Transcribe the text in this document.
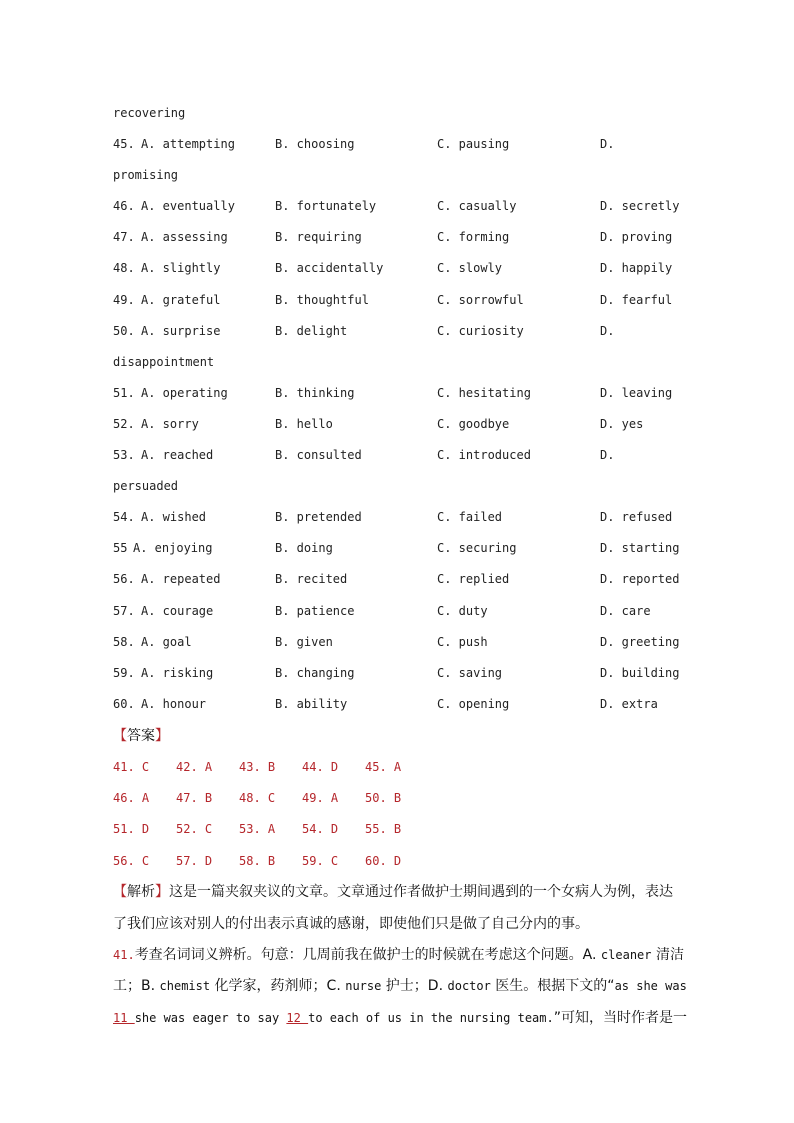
recovering
45. A. attempting	B. choosing	C. pausing	D.
promising
46. A. eventually	B. fortunately	C. casually	D. secretly
47. A. assessing	B. requiring	C. forming	D. proving
48. A. slightly	B. accidentally	C. slowly	D. happily
49. A. grateful	B. thoughtful	C. sorrowful	D. fearful
50. A. surprise	B. delight	C. curiosity	D.
disappointment
51. A. operating	B. thinking	C. hesitating	D. leaving
52. A. sorry	B. hello	C. goodbye	D. yes
53. A. reached	B. consulted	C. introduced	D.
persuaded
54. A. wished	B. pretended	C. failed	D. refused
55 A. enjoying	B. doing	C. securing	D. starting
56. A. repeated	B. recited	C. replied	D. reported
57. A. courage	B. patience	C. duty	D. care
58. A. goal	B. given	C. push	D. greeting
59. A. risking	B. changing	C. saving	D. building
60. A. honour	B. ability	C. opening	D. extra
【答案】
41. C 42. A 43. B 44. D 45. A
46. A 47. B 48. C 49. A 50. B
51. D 52. C 53. A 54. D 55. B
56. C 57. D 58. B 59. C 60. D
【解析】这是一篇夹叙夹议的文章。文章通过作者做护士期间遇到的一个女病人为例，表达
了我们应该对别人的付出表示真诚的感谢，即使他们只是做了自己分内的事。
41.考查名词词义辨析。句意：几周前我在做护士的时候就在考虑这个问题。A. cleaner 清洁
工；B. chemist 化学家，药剂师；C. nurse 护士；D. doctor 医生。根据下文的“as she was
11 she was eager to say 12 to each of us in the nursing team.”可知，当时作者是一
